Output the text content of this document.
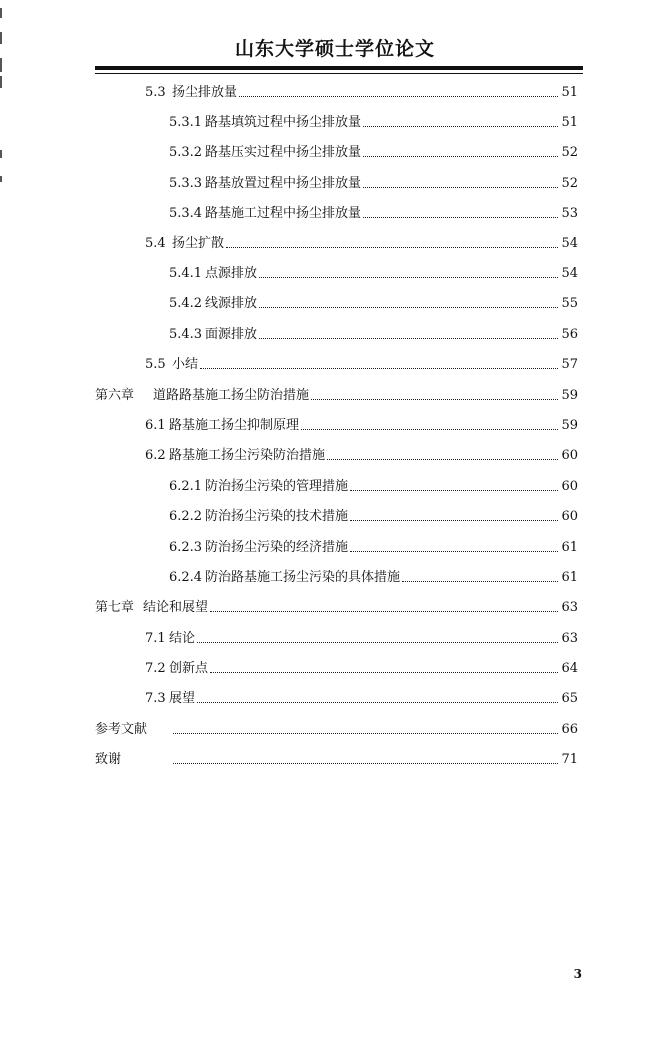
山东大学硕士学位论文
5.3 扬尘排放量	51
5.3.1 路基填筑过程中扬尘排放量	51
5.3.2 路基压实过程中扬尘排放量	52
5.3.3 路基放置过程中扬尘排放量	52
5.3.4 路基施工过程中扬尘排放量	53
5.4 扬尘扩散	54
5.4.1 点源排放	54
5.4.2 线源排放	55
5.4.3 面源排放	56
5.5 小结	57
第六章	道路路基施工扬尘防治措施	59
6.1 路基施工扬尘抑制原理	59
6.2 路基施工扬尘污染防治措施	60
6.2.1 防治扬尘污染的管理措施	60
6.2.2 防治扬尘污染的技术措施	60
6.2.3 防治扬尘污染的经济措施	61
6.2.4 防治路基施工扬尘污染的具体措施	61
第七章 结论和展望	63
7.1 结论	63
7.2 创新点	64
7.3 展望	65
参考文献	66
致谢	71
3
